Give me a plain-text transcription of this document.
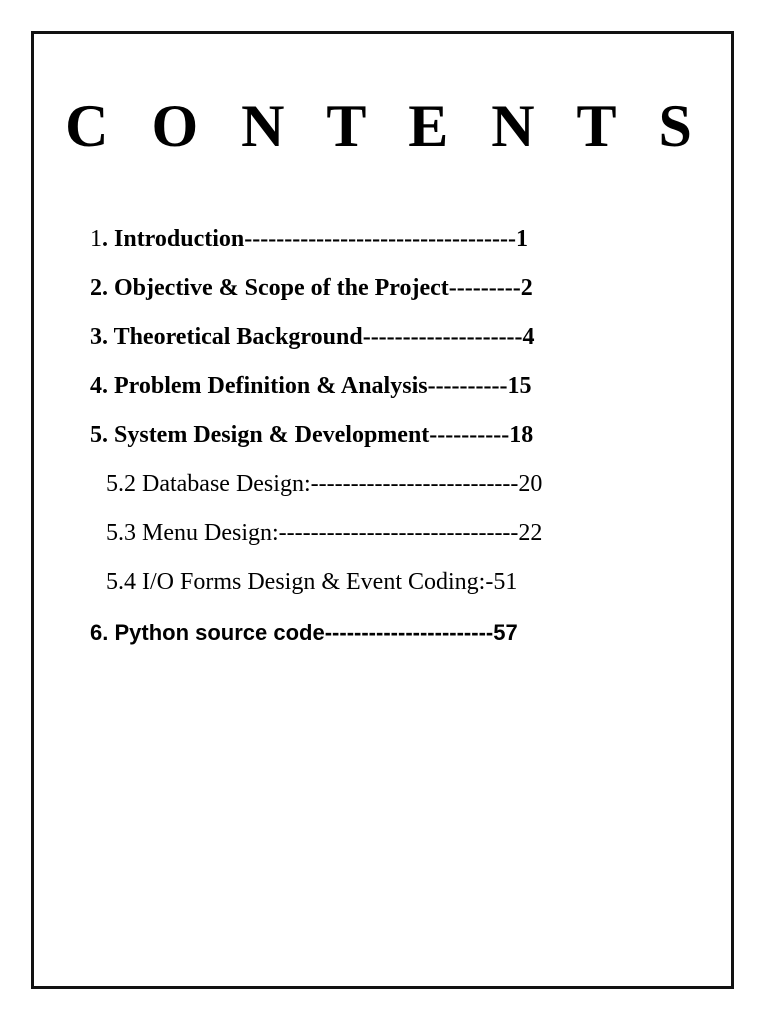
C O N T E N T S
1. Introduction----------------------------------1
2. Objective & Scope of the Project---------2
3. Theoretical Background--------------------4
4. Problem Definition & Analysis----------15
5. System Design & Development----------18
5.2 Database Design:--------------------------20
5.3 Menu Design:------------------------------22
5.4 I/O Forms Design & Event Coding:-51
6. Python source code-----------------------57
